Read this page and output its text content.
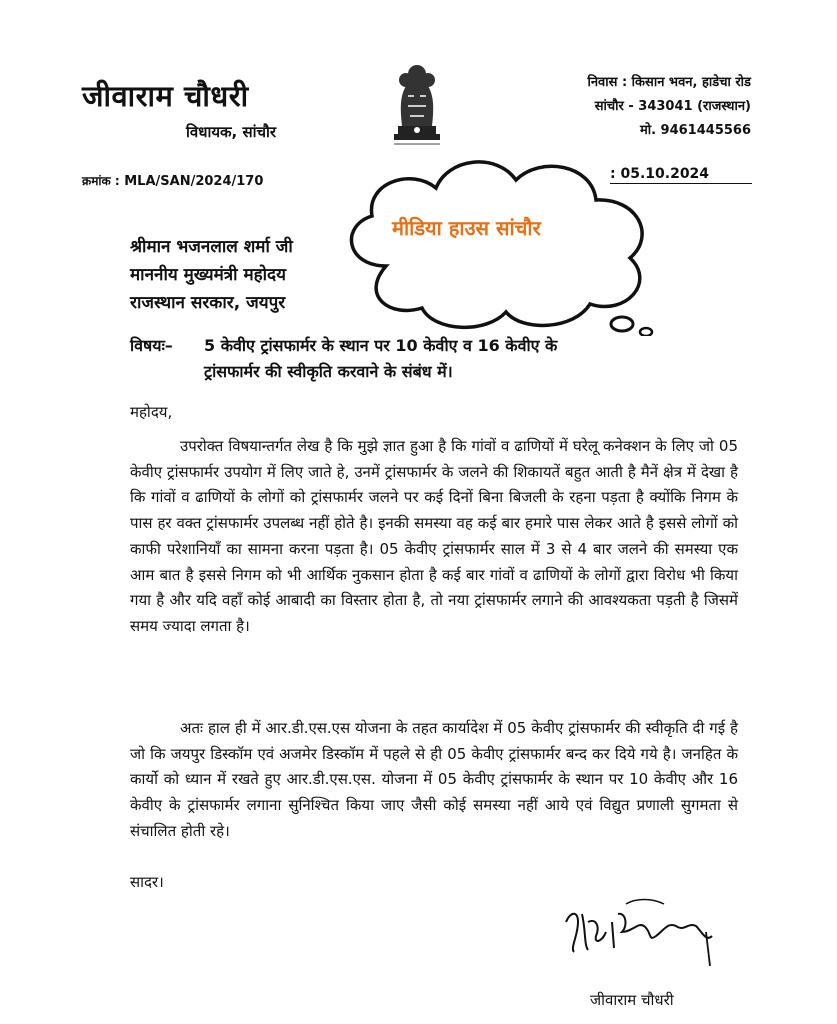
जीवाराम चौधरी
विधायक, सांचौर
निवास : किसान भवन, हाडेचा रोड
सांचौर - 343041 (राजस्थान)
मो. 9461445566
क्रमांक : MLA/SAN/2024/170	: 05.10.2024
मीडिया हाउस सांचौर
श्रीमान भजनलाल शर्मा जी
माननीय मुख्यमंत्री महोदय
राजस्थान सरकार, जयपुर
विषयः– 5 केवीए ट्रांसफार्मर के स्थान पर 10 केवीए व 16 केवीए के
ट्रांसफार्मर की स्वीकृति करवाने के संबंध में।
महोदय,

उपरोक्त विषयान्तर्गत लेख है कि मुझे ज्ञात हुआ है कि गांवों व ढाणियों में घरेलू कनेक्शन के लिए जो 05 केवीए ट्रांसफार्मर उपयोग में लिए जाते हे, उनमें ट्रांसफार्मर के जलने की शिकायतें बहुत आती है मैनें क्षेत्र में देखा है कि गांवों व ढाणियों के लोगों को ट्रांसफार्मर जलने पर कई दिनों बिना बिजली के रहना पड़ता है क्योंकि निगम के पास हर वक्त ट्रांसफार्मर उपलब्ध नहीं होते है। इनकी समस्या वह कई बार हमारे पास लेकर आते है इससे लोगों को काफी परेशानियाँ का सामना करना पड़ता है। 05 केवीए ट्रांसफार्मर साल में 3 से 4 बार जलने की समस्या एक आम बात है इससे निगम को भी आर्थिक नुकसान होता है कई बार गांवों व ढाणियों के लोगों द्वारा विरोध भी किया गया है और यदि वहाँ कोई आबादी का विस्तार होता है, तो नया ट्रांसफार्मर लगाने की आवश्यकता पड़ती है जिसमें समय ज्यादा लगता है।

अतः हाल ही में आर.डी.एस.एस योजना के तहत कार्यादेश में 05 केवीए ट्रांसफार्मर की स्वीकृति दी गई है जो कि जयपुर डिस्कॉम एवं अजमेर डिस्कॉम में पहले से ही 05 केवीए ट्रांसफार्मर बन्द कर दिये गये है। जनहित के कार्यो को ध्यान में रखते हुए आर.डी.एस.एस. योजना में 05 केवीए ट्रांसफार्मर के स्थान पर 10 केवीए और 16 केवीए के ट्रांसफार्मर लगाना सुनिश्चित किया जाए जैसी कोई समस्या नहीं आये एवं विद्युत प्रणाली सुगमता से संचालित होती रहे।

सादर।
जीवाराम चौधरी
